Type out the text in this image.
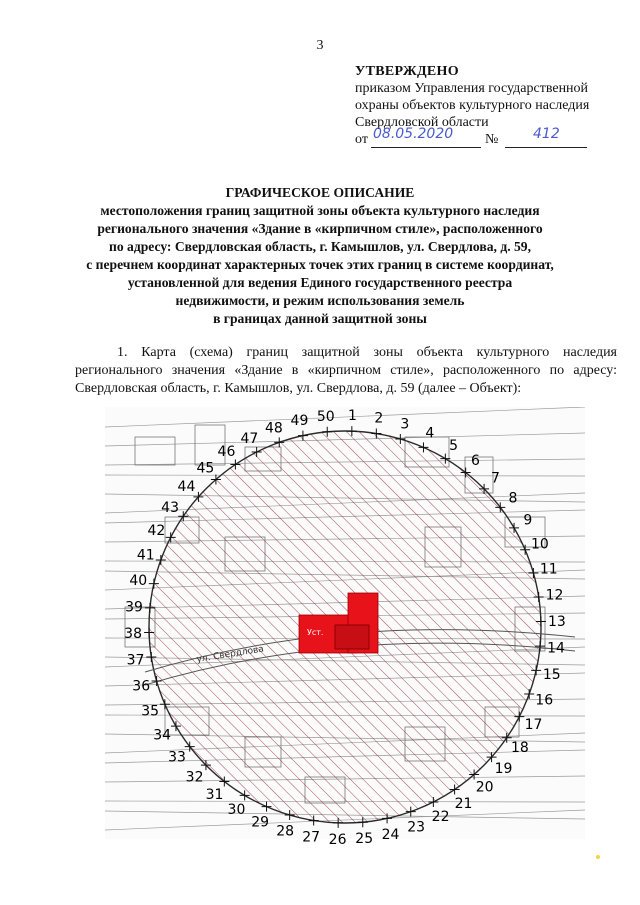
3
УТВЕРЖДЕНО
приказом Управления государственной
охраны объектов культурного наследия
Свердловской области
от 08.05.2020 № 412
ГРАФИЧЕСКОЕ ОПИСАНИЕ
местоположения границ защитной зоны объекта культурного наследия
регионального значения «Здание в «кирпичном стиле», расположенного
по адресу: Свердловская область, г. Камышлов, ул. Свердлова, д. 59,
с перечнем координат характерных точек этих границ в системе координат,
установленной для ведения Единого государственного реестра
недвижимости, и режим использования земель
в границах данной защитной зоны
1. Карта (схема) границ защитной зоны объекта культурного наследия
регионального значения «Здание в «кирпичном стиле», расположенного по адресу:
Свердловская область, г. Камышлов, ул. Свердлова, д. 59 (далее – Объект):
ул. Свердлова
Уст.
1 2 3
4
5
6
7
8
9
10
11
12
13
14
15
16
17
18
19
20
21
22
23
24
25
26
27
28
29
30
31
32
33
34
35
36
37
38
39
40
41
42
43
44
45
46
47
48 49 50
